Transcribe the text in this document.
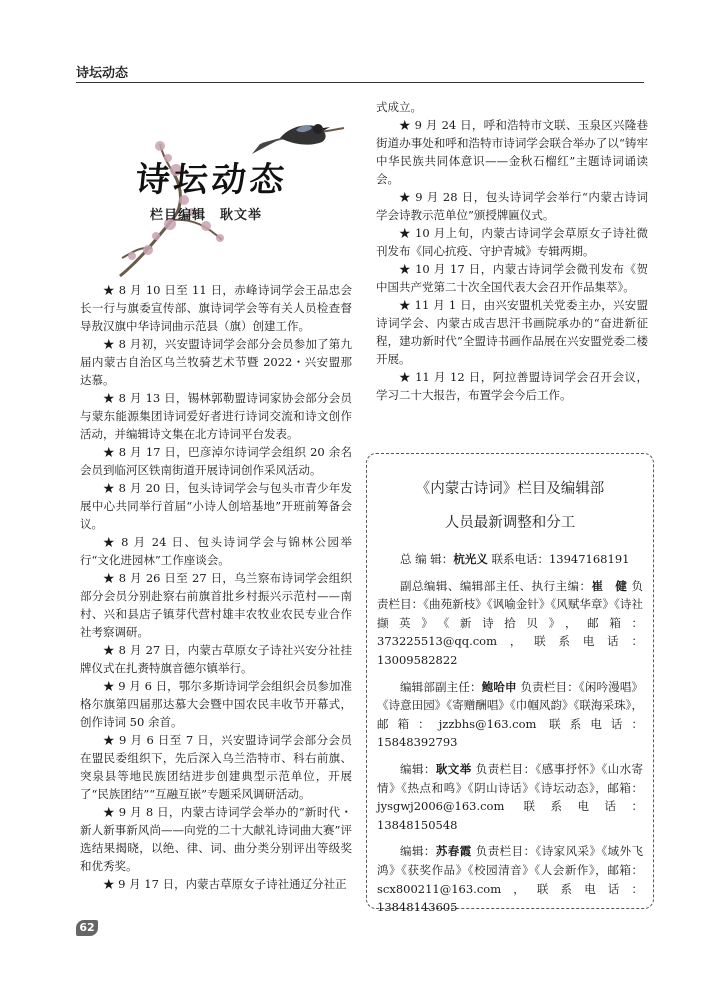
诗坛动态
诗坛动态
栏目编辑　耿文举

★ 8 月 10 日至 11 日，赤峰诗词学会王品忠会长一行与旗委宣传部、旗诗词学会等有关人员检查督导敖汉旗中华诗词曲示范县（旗）创建工作。

★ 8 月初，兴安盟诗词学会部分会员参加了第九届内蒙古自治区乌兰牧骑艺术节暨 2022・兴安盟那达慕。

★ 8 月 13 日，锡林郭勒盟诗词家协会部分会员与蒙东能源集团诗词爱好者进行诗词交流和诗文创作活动，并编辑诗文集在北方诗词平台发表。

★ 8 月 17 日，巴彦淖尔诗词学会组织 20 余名会员到临河区铁南街道开展诗词创作采风活动。

★ 8 月 20 日，包头诗词学会与包头市青少年发展中心共同举行首届“小诗人创培基地”开班前筹备会议。

★ 8 月 24 日、包头诗词学会与锦林公园举行“文化进园林”工作座谈会。

★ 8 月 26 日至 27 日，乌兰察布诗词学会组织部分会员分别赴察右前旗首批乡村振兴示范村——南村、兴和县店子镇芽代营村雄丰农牧业农民专业合作社考察调研。

★ 8 月 27 日，内蒙古草原女子诗社兴安分社挂牌仪式在扎赉特旗音德尔镇举行。

★ 9 月 6 日，鄂尔多斯诗词学会组织会员参加准格尔旗第四届那达慕大会暨中国农民丰收节开幕式，创作诗词 50 余首。

★ 9 月 6 日至 7 日，兴安盟诗词学会部分会员在盟民委组织下，先后深入乌兰浩特市、科右前旗、突泉县等地民族团结进步创建典型示范单位，开展了“民族团结”“互融互嵌”专题采风调研活动。

★ 9 月 8 日，内蒙古诗词学会举办的“新时代・新人新事新风尚——向党的二十大献礼诗词曲大赛”评选结果揭晓，以绝、律、词、曲分类分别评出等级奖和优秀奖。

★ 9 月 17 日，内蒙古草原女子诗社通辽分社正

式成立。

★ 9 月 24 日，呼和浩特市文联、玉泉区兴隆巷街道办事处和呼和浩特市诗词学会联合举办了以“铸牢中华民族共同体意识——金秋石榴红”主题诗词诵读会。

★ 9 月 28 日，包头诗词学会举行“内蒙古诗词学会诗教示范单位”颁授牌匾仪式。

★ 10 月上旬，内蒙古诗词学会草原女子诗社微刊发布《同心抗疫、守护青城》专辑两期。

★ 10 月 17 日，内蒙古诗词学会微刊发布《贺中国共产党第二十次全国代表大会召开作品集萃》。

★ 11 月 1 日，由兴安盟机关党委主办，兴安盟诗词学会、内蒙古成吉思汗书画院承办的“奋进新征程，建功新时代”全盟诗书画作品展在兴安盟党委二楼开展。

★ 11 月 12 日，阿拉善盟诗词学会召开会议，学习二十大报告，布置学会今后工作。

《内蒙古诗词》栏目及编辑部
人员最新调整和分工

总 编 辑：杭光义 联系电话：13947168191

副总编辑、编辑部主任、执行主编：崔　健 负责栏目：《曲苑新枝》《讽喻金针》《风赋华章》《诗社撷英》《新诗拾贝》，邮箱：373225513@qq.com，联系电话：13009582822

编辑部副主任：鲍哈申 负责栏目：《闲吟漫唱》《诗意田园》《寄赠酬唱》《巾帼风韵》《联海采珠》，邮箱：jzzbhs@163.com 联系电话：15848392793

编辑：耿文举 负责栏目：《感事抒怀》《山水寄情》《热点和鸣》《阴山诗话》《诗坛动态》，邮箱：jysgwj2006@163.com 联系电话：13848150548

编辑：苏春霞 负责栏目：《诗家风采》《域外飞鸿》《获奖作品》《校园清音》《人会新作》，邮箱：scx800211@163.com，联系电话：13848143605

62
